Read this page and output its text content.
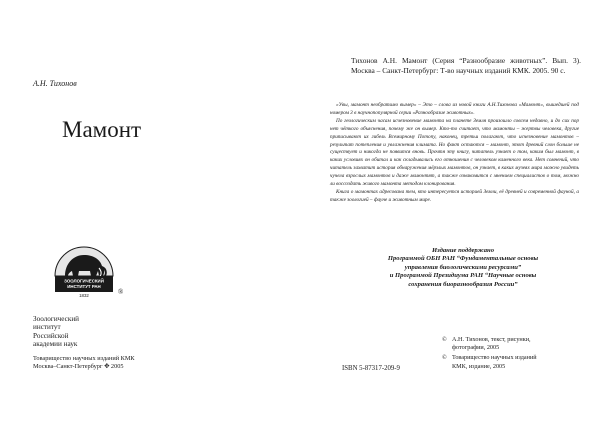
А.Н. Тихонов
Мамонт
ЗООЛОГИЧЕСКИЙ
ИНСТИТУТ РАН
1832	®
Зоологический
институт
Российской
академии наук
Товарищество научных изданий КМК
Москва–Санкт-Петербург ✥ 2005
Тихонов А.Н. Мамонт (Серия “Разнообразие животных”. Вып. 3). Москва – Санкт-Петербург: Т-во научных изданий КМК. 2005. 90 с.

«Увы, мамонт необратимо вымер» – Это – слова из новой книги А.Н.Тихонова «Мамонт», вышедшей под номером 3 в научнопопулярной серии «Разнообразие животных».

По геологическим часам исчезновение мамонта на планете Земля произошло совсем недавно, и до сих пор нет чёткого объяснения, почему же он вымер. Кто-то считает, что мамонты – жертвы человека, другие приписывают их гибель Всемирному Потопу, наконец, третьи полагают, что исчезновение мамонтов – результат потепления и увлажнения климата. Но факт остаются – мамонт, этот древний слон больше не существует и никогда не появится вновь. Прочтя эту книгу, читатель узнает о том, каким был мамонт, в каких условиях он обитал и как складывались его отношения с человеком каменного века. Нет сомнений, что читатель захватит история обнаружения мёрзлых мамонтов, он узнает, в каких музеях мира можно увидеть чучела взрослых мамонтов и даже мамонтят, а также ознакомится с мнением специалистов о том, можно ли воссоздать живого мамонта методом клонирования.

Книга о мамонтах адресована тем, кто интересуется историей Земли, её древней и современной фауной, а также зоологией – фауне и животным мире.

Издание поддержано
Программой ОБН РАН “Фундаментальные основы
управления биологическими ресурсами”
и Программой Президиума РАН “Научные основы
сохранения биоразнообразия России”
ISBN 5-87317-209-9
© А.Н. Тихонов, текст, рисунки,
фотографии, 2005
© Товарищество научных изданий
КМК, издание, 2005
